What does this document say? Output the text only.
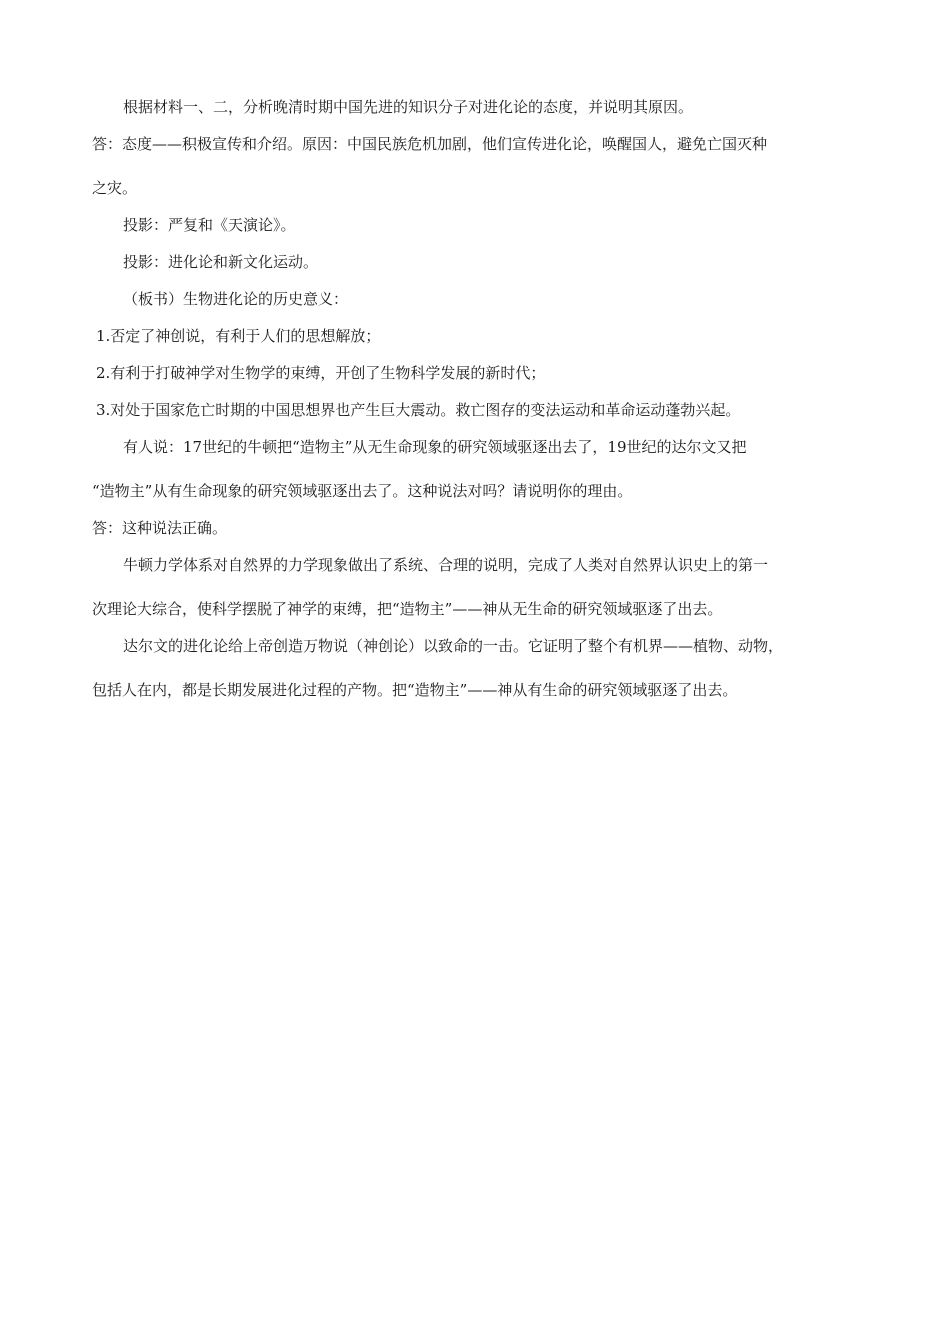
根据材料一、二，分析晚清时期中国先进的知识分子对进化论的态度，并说明其原因。
答：态度——积极宣传和介绍。原因：中国民族危机加剧，他们宣传进化论，唤醒国人，避免亡国灭种
之灾。
投影：严复和《天演论》。
投影：进化论和新文化运动。
（板书）生物进化论的历史意义：
1.否定了神创说，有利于人们的思想解放；
2.有利于打破神学对生物学的束缚，开创了生物科学发展的新时代；
3.对处于国家危亡时期的中国思想界也产生巨大震动。救亡图存的变法运动和革命运动蓬勃兴起。
有人说：17世纪的牛顿把“造物主”从无生命现象的研究领域驱逐出去了，19世纪的达尔文又把
“造物主”从有生命现象的研究领域驱逐出去了。这种说法对吗？请说明你的理由。
答：这种说法正确。
牛顿力学体系对自然界的力学现象做出了系统、合理的说明，完成了人类对自然界认识史上的第一
次理论大综合，使科学摆脱了神学的束缚，把“造物主”——神从无生命的研究领域驱逐了出去。
达尔文的进化论给上帝创造万物说（神创论）以致命的一击。它证明了整个有机界——植物、动物，
包括人在内，都是长期发展进化过程的产物。把“造物主”——神从有生命的研究领域驱逐了出去。
